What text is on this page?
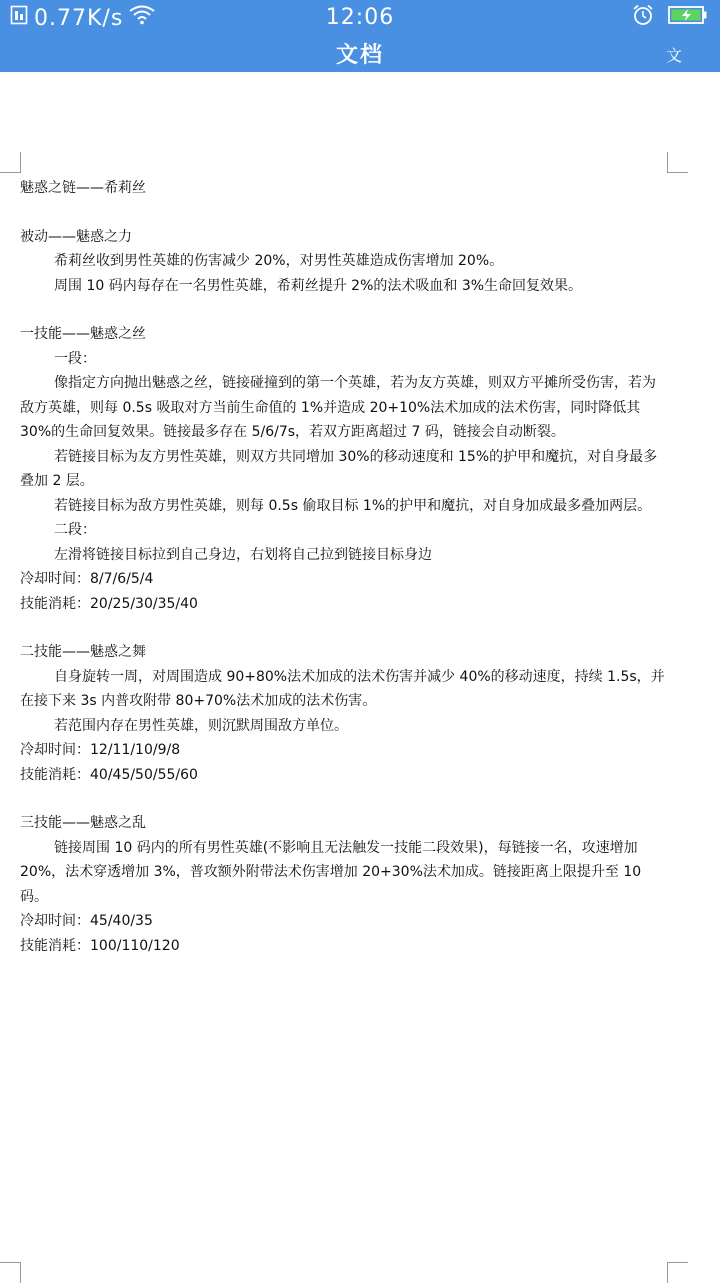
0.77K/s	12:06
文档	文

魅惑之链——希莉丝

被动——魅惑之力

希莉丝收到男性英雄的伤害减少 20%，对男性英雄造成伤害增加 20%。

周围 10 码内每存在一名男性英雄，希莉丝提升 2%的法术吸血和 3%生命回复效果。

一技能——魅惑之丝

一段：

像指定方向抛出魅惑之丝，链接碰撞到的第一个英雄，若为友方英雄，则双方平摊所受伤害，若为敌方英雄，则每 0.5s 吸取对方当前生命值的 1%并造成 20+10%法术加成的法术伤害，同时降低其 30%的生命回复效果。链接最多存在 5/6/7s，若双方距离超过 7 码，链接会自动断裂。

若链接目标为友方男性英雄，则双方共同增加 30%的移动速度和 15%的护甲和魔抗，对自身最多叠加 2 层。

若链接目标为敌方男性英雄，则每 0.5s 偷取目标 1%的护甲和魔抗，对自身加成最多叠加两层。

二段：

左滑将链接目标拉到自己身边，右划将自己拉到链接目标身边

冷却时间：8/7/6/5/4

技能消耗：20/25/30/35/40

二技能——魅惑之舞

自身旋转一周，对周围造成 90+80%法术加成的法术伤害并减少 40%的移动速度，持续 1.5s，并在接下来 3s 内普攻附带 80+70%法术加成的法术伤害。

若范围内存在男性英雄，则沉默周围敌方单位。

冷却时间：12/11/10/9/8

技能消耗：40/45/50/55/60

三技能——魅惑之乱

链接周围 10 码内的所有男性英雄(不影响且无法触发一技能二段效果)，每链接一名，攻速增加 20%，法术穿透增加 3%，普攻额外附带法术伤害增加 20+30%法术加成。链接距离上限提升至 10 码。

冷却时间：45/40/35

技能消耗：100/110/120
